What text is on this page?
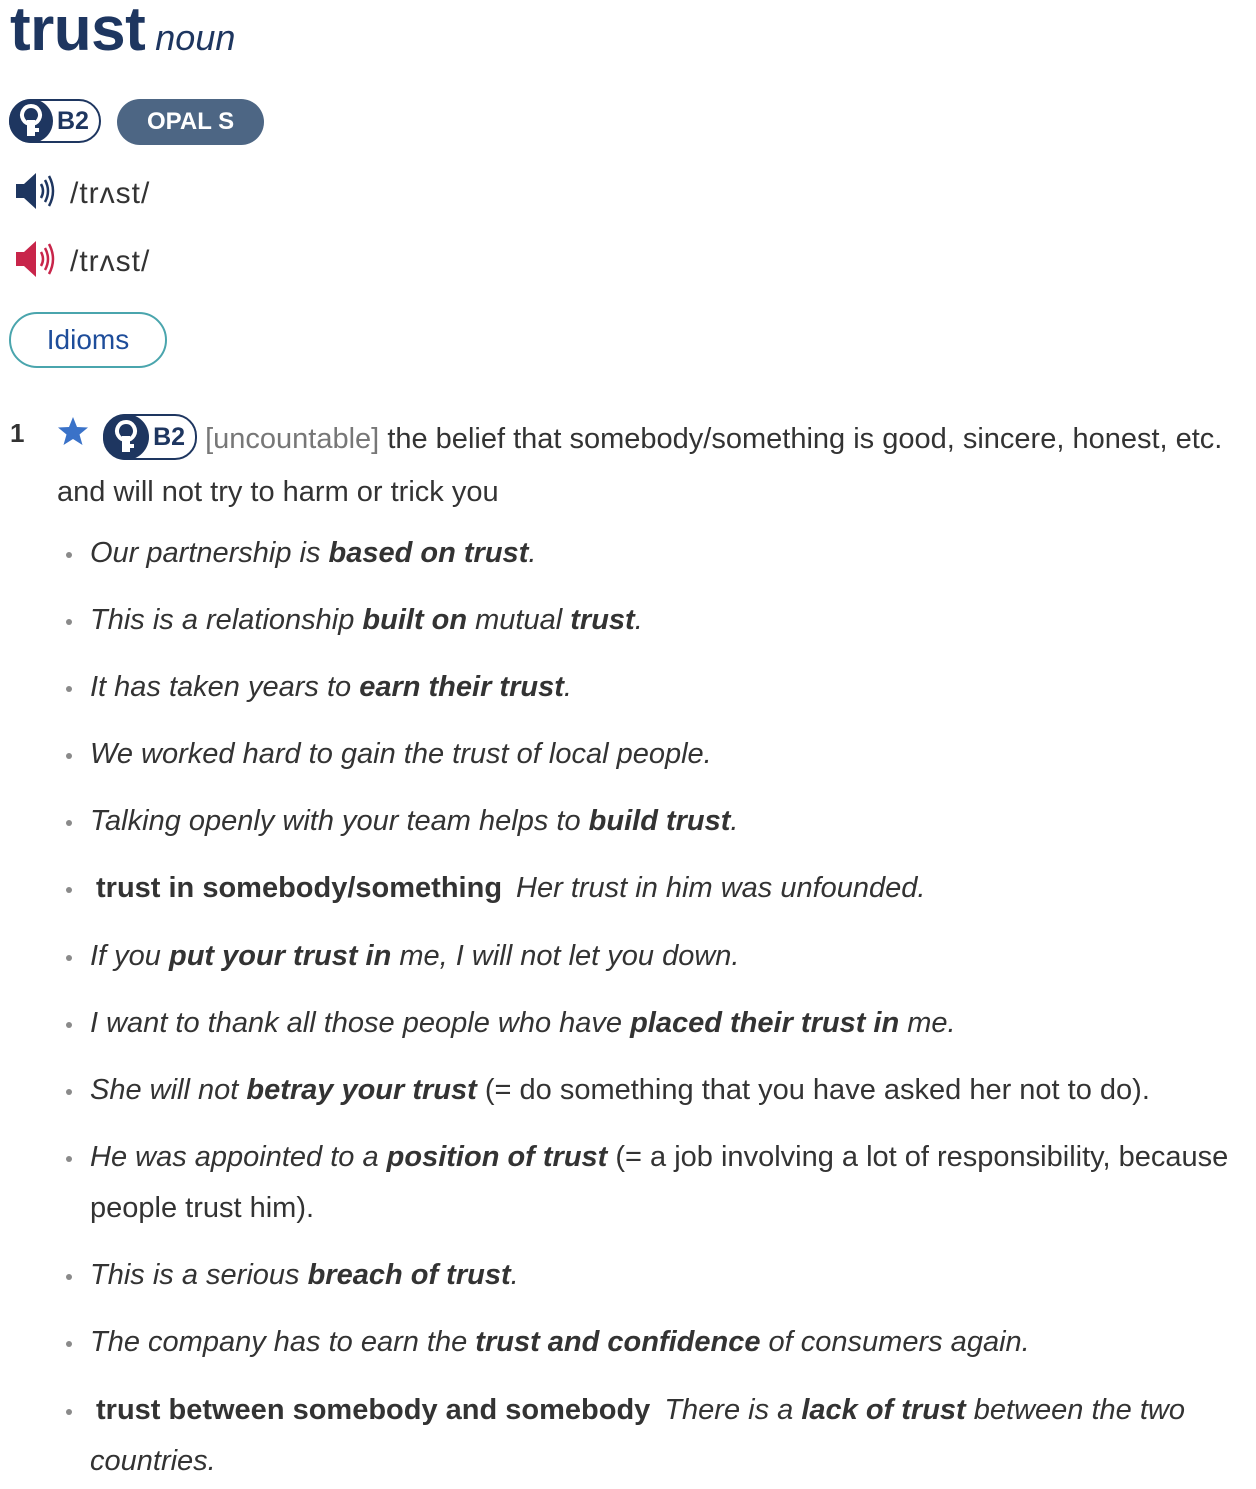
trust noun
B2	OPAL S
/trʌst/
/trʌst/
Idioms
1
	B2 [uncountable] the belief that somebody/something is good, sincere, honest, etc. and will not try to harm or trick you
Our partnership is based on trust.
This is a relationship built on mutual trust.
It has taken years to earn their trust.
We worked hard to gain the trust of local people.
Talking openly with your team helps to build trust.
trust in somebody/something Her trust in him was unfounded.
If you put your trust in me, I will not let you down.
I want to thank all those people who have placed their trust in me.
She will not betray your trust (= do something that you have asked her not to do).
He was appointed to a position of trust (= a job involving a lot of responsibility, because people trust him).
This is a serious breach of trust.
The company has to earn the trust and confidence of consumers again.
trust between somebody and somebody There is a lack of trust between the two countries.
